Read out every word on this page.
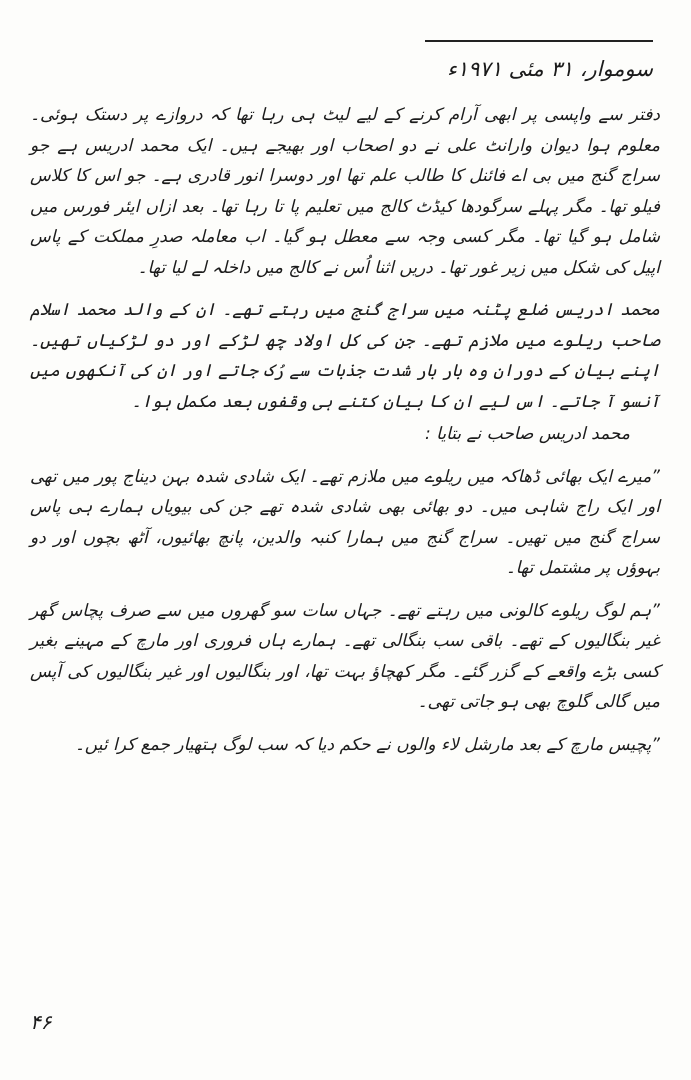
سوموار، ۳۱ مئی ۱۹۷۱ء

دفتر سے واپسی پر ابھی آرام کرنے کے لیے لیٹ ہی رہا تھا کہ دروازے پر دستک ہوئی۔ معلوم ہوا دیوان وارانٹ علی نے دو اصحاب اور بھیجے ہیں۔ ایک محمد ادریس ہے جو سراج گنج میں بی اے فائنل کا طالب علم تھا اور دوسرا انور قادری ہے۔ جو اس کا کلاس فیلو تھا۔ مگر پہلے سرگودھا کیڈٹ کالج میں تعلیم پا تا رہا تھا۔ بعد ازاں ایئر فورس میں شامل ہو گیا تھا۔ مگر کسی وجہ سے معطل ہو گیا۔ اب معاملہ صدرِ مملکت کے پاس اپیل کی شکل میں زیر غور تھا۔ دریں اثنا اُس نے کالج میں داخلہ لے لیا تھا۔

محمد ادریس ضلع پٹنہ میں سراج گنج میں رہتے تھے۔ ان کے والد محمد اسلام صاحب ریلوے میں ملازم تھے۔ جن کی کل اولاد چھ لڑکے اور دو لڑکیاں تھیں۔ اپنے بیان کے دوران وہ بار بار شدت جذبات سے رُک جاتے اور ان کی آنکھوں میں آنسو آ جاتے۔ اس لیے ان کا بیان کتنے ہی وقفوں بعد مکمل ہوا۔

محمد ادریس صاحب نے بتایا :

”میرے ایک بھائی ڈھاکہ میں ریلوے میں ملازم تھے۔ ایک شادی شدہ بہن دیناج پور میں تھی اور ایک راج شاہی میں۔ دو بھائی بھی شادی شدہ تھے جن کی بیویاں ہمارے ہی پاس سراج گنج میں تھیں۔ سراج گنج میں ہمارا کنبہ والدین، پانچ بھائیوں، آٹھ بچوں اور دو بہوؤں پر مشتمل تھا۔

”ہم لوگ ریلوے کالونی میں رہتے تھے۔ جہاں سات سو گھروں میں سے صرف پچاس گھر غیر بنگالیوں کے تھے۔ باقی سب بنگالی تھے۔ ہمارے ہاں فروری اور مارچ کے مہینے بغیر کسی بڑے واقعے کے گزر گئے۔ مگر کھچاؤ بہت تھا، اور بنگالیوں اور غیر بنگالیوں کی آپس میں گالی گلوچ بھی ہو جاتی تھی۔

”پچیس مارچ کے بعد مارشل لاء والوں نے حکم دیا کہ سب لوگ ہتھیار جمع کرا ئیں۔

۴۶
